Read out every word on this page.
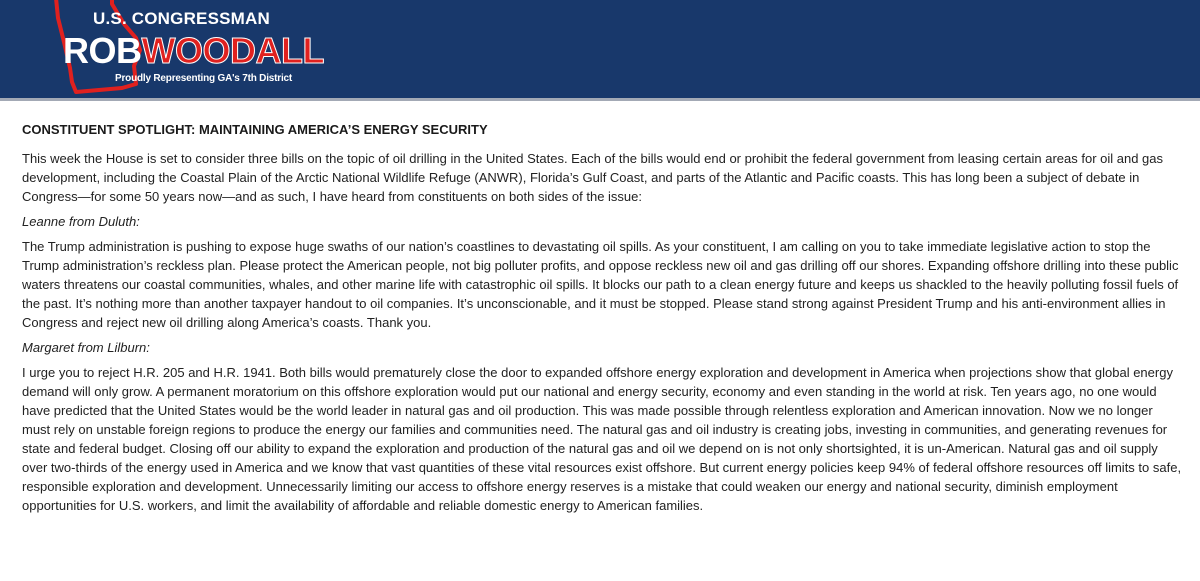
U.S. CONGRESSMAN
ROBWOODALL
Proudly Representing GA's 7th District
CONSTITUENT SPOTLIGHT: MAINTAINING AMERICA’S ENERGY SECURITY

This week the House is set to consider three bills on the topic of oil drilling in the United States. Each of the bills would end or prohibit the federal government from leasing certain areas for oil and gas development, including the Coastal Plain of the Arctic National Wildlife Refuge (ANWR), Florida’s Gulf Coast, and parts of the Atlantic and Pacific coasts. This has long been a subject of debate in Congress—for some 50 years now—and as such, I have heard from constituents on both sides of the issue:

Leanne from Duluth:

The Trump administration is pushing to expose huge swaths of our nation’s coastlines to devastating oil spills. As your constituent, I am calling on you to take immediate legislative action to stop the Trump administration’s reckless plan. Please protect the American people, not big polluter profits, and oppose reckless new oil and gas drilling off our shores. Expanding offshore drilling into these public waters threatens our coastal communities, whales, and other marine life with catastrophic oil spills. It blocks our path to a clean energy future and keeps us shackled to the heavily polluting fossil fuels of the past. It’s nothing more than another taxpayer handout to oil companies. It’s unconscionable, and it must be stopped. Please stand strong against President Trump and his anti-environment allies in Congress and reject new oil drilling along America’s coasts. Thank you.

Margaret from Lilburn:

I urge you to reject H.R. 205 and H.R. 1941. Both bills would prematurely close the door to expanded offshore energy exploration and development in America when projections show that global energy demand will only grow. A permanent moratorium on this offshore exploration would put our national and energy security, economy and even standing in the world at risk. Ten years ago, no one would have predicted that the United States would be the world leader in natural gas and oil production. This was made possible through relentless exploration and American innovation. Now we no longer must rely on unstable foreign regions to produce the energy our families and communities need. The natural gas and oil industry is creating jobs, investing in communities, and generating revenues for state and federal budget. Closing off our ability to expand the exploration and production of the natural gas and oil we depend on is not only shortsighted, it is un-American. Natural gas and oil supply over two-thirds of the energy used in America and we know that vast quantities of these vital resources exist offshore. But current energy policies keep 94% of federal offshore resources off limits to safe, responsible exploration and development. Unnecessarily limiting our access to offshore energy reserves is a mistake that could weaken our energy and national security, diminish employment opportunities for U.S. workers, and limit the availability of affordable and reliable domestic energy to American families.
